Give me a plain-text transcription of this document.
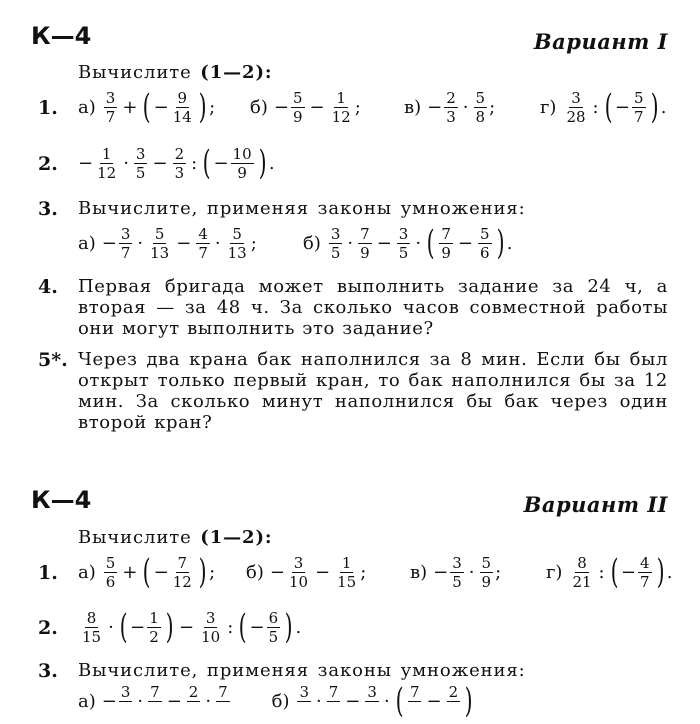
К—4	Вариант I
Вычислите (1—2):
1. $а) \frac{3}{7}$ + ( − $\frac{9}{14}$ ) ; $б) - \frac{5}{9} - \frac{1}{12}$ ; $в) - \frac{2}{3} \cdot \frac{5}{8}$ ; $г) \frac{3}{28}$ : ( − $\frac{5}{7}$ ) .
2. − $\frac{1}{12} \cdot \frac{3}{5} - \frac{2}{3}$ : ( − $\frac{10}{9}$ ) .
3. Вычислите, применяя законы умножения:
$а) - \frac{3}{7} \cdot \frac{5}{13} - \frac{4}{7} \cdot \frac{5}{13}$ ;	$б) \frac{3}{5} \cdot \frac{7}{9} - \frac{3}{5}$ · ( $\frac{7}{9} - \frac{5}{6}$ ) .
4. Первая бригада может выполнить задание за 24 ч, а вторая — за 48 ч. За сколько часов совместной работы они могут выполнить это задание?
5*. Через два крана бак наполнился за 8 мин. Если бы был открыт только первый кран, то бак наполнился бы за 12 мин. За сколько минут наполнился бы бак через один второй кран?
К—4	Вариант II
Вычислите (1—2):
1. $а) \frac{5}{6}$ + ( − $\frac{7}{12}$ ) ; $б) - \frac{3}{10} - \frac{1}{15}$ ; $в) - \frac{3}{5} \cdot \frac{5}{9}$ ; $г) \frac{8}{21}$ : ( − $\frac{4}{7}$ ) .
2. $\frac{8}{15}$ · ( − $\frac{1}{2}$ ) − $\frac{3}{10}$ : ( − $\frac{6}{5}$ ) .
3. Вычислите, применяя законы умножения:
а) − 3
· 7
− 2
· 7
б) 3
· 7
− 3
· ( 7
− 2
)
